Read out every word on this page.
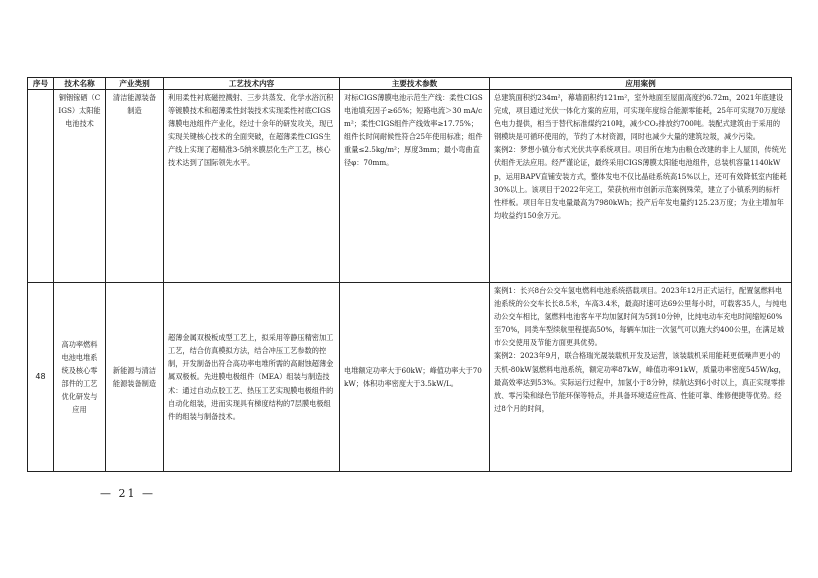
序号	技术名称	产业类别	工艺技术内容	主要技术参数	应用案例
	铜铟镓硒（CIGS）太阳能电池技术	清洁能源装备制造	利用柔性衬底磁控溅射、三步共蒸发、化学水浴沉积等镀膜技术和超薄柔性封装技术实现柔性衬底CIGS薄膜电池组件产业化，经过十余年的研发攻关，现已实现关键核心技术的全面突破，在超薄柔性CIGS生产线上实现了超精准3-5纳米膜层化生产工艺，核心技术达到了国际领先水平。	对标CIGS薄膜电池示范生产线：柔性CIGS电池填充因子≥65%；短路电流＞30 mA/cm²；柔性CIGS组件产线效率≥17.75%；组件长时间耐候性符合25年使用标准；组件重量≤2.5kg/m²；厚度3mm；最小弯曲直径φ：70mm。	总建筑面积约234m²，幕墙面积约121m²，室外地面至屋面高度约6.72m，2021年底建设完成，项目通过光伏一体化方案的应用，可实现年度综合能源零能耗，25年可实现70万度绿色电力提供，相当于替代标准煤约210吨，减少CO₂排放约700吨。装配式建筑由于采用的钢模块是可循环使用的，节约了木材资源，同时也减少大量的建筑垃圾，减少污染。

案例2：梦想小镇分布式光伏共享系统项目。项目所在地为由粮仓改建的非上人屋顶，传统光伏组件无法应用。经严谨论证，最终采用CIGS薄膜太阳能电池组件，总装机容量1140kWp，运用BAPV直铺安装方式，整体发电不仅比晶硅系统高15%以上，还可有效降低室内能耗30%以上。该项目于2022年完工，荣获杭州市创新示范案例殊荣，建立了小镇系列的标杆性样板。项目年日发电量最高为7980kWh；投产后年发电量约125.23万度；为业主增加年均收益约150余万元。

48	高功率燃料电池电堆系统及核心零部件的工艺优化研发与应用	新能源与清洁能源装备制造	超薄金属双极板成型工艺上，拟采用等静压精密加工工艺，结合仿真模拟方法，结合冲压工艺参数的控制，开发制备出符合高功率电堆所需的高耐蚀超薄金属双极板。先进膜电极组件（MEA）组装与制造技术：通过自动点胶工艺、热压工艺实现膜电极组件的自动化组装，进而实现具有梯度结构的7层膜电极组件的组装与制备技术。	电堆额定功率大于60kW；峰值功率大于70kW；体积功率密度大于3.5kW/L。	案例1：长兴8台公交车氢电燃料电池系统搭载项目。2023年12月正式运行，配置氢燃料电池系统的公交车长长8.5米，车高3.4米，最高时速可达69公里每小时，可载客35人，与纯电动公交车相比，氢燃料电池客车平均加氢时间为5到10分钟，比纯电动车充电时间缩短60%至70%，同类车型续航里程提高50%，每辆车加注一次氢气可以跑大约400公里，在满足城市公交使用及节能方面更具优势。

案例2：2023年9月，联合格瑞光晟装载机开发及运营，该装载机采用能耗更低噪声更小的天机-80kW氢燃料电池系统，额定功率87kW，峰值功率91kW，质量功率密度545W/kg，最高效率达到53%。实际运行过程中，加氢小于8分钟，续航达到6小时以上，真正实现零排放、零污染和绿色节能环保等特点，并具备环境适应性高、性能可靠、维修便捷等优势。经过8个月的时间，

— 21 —
